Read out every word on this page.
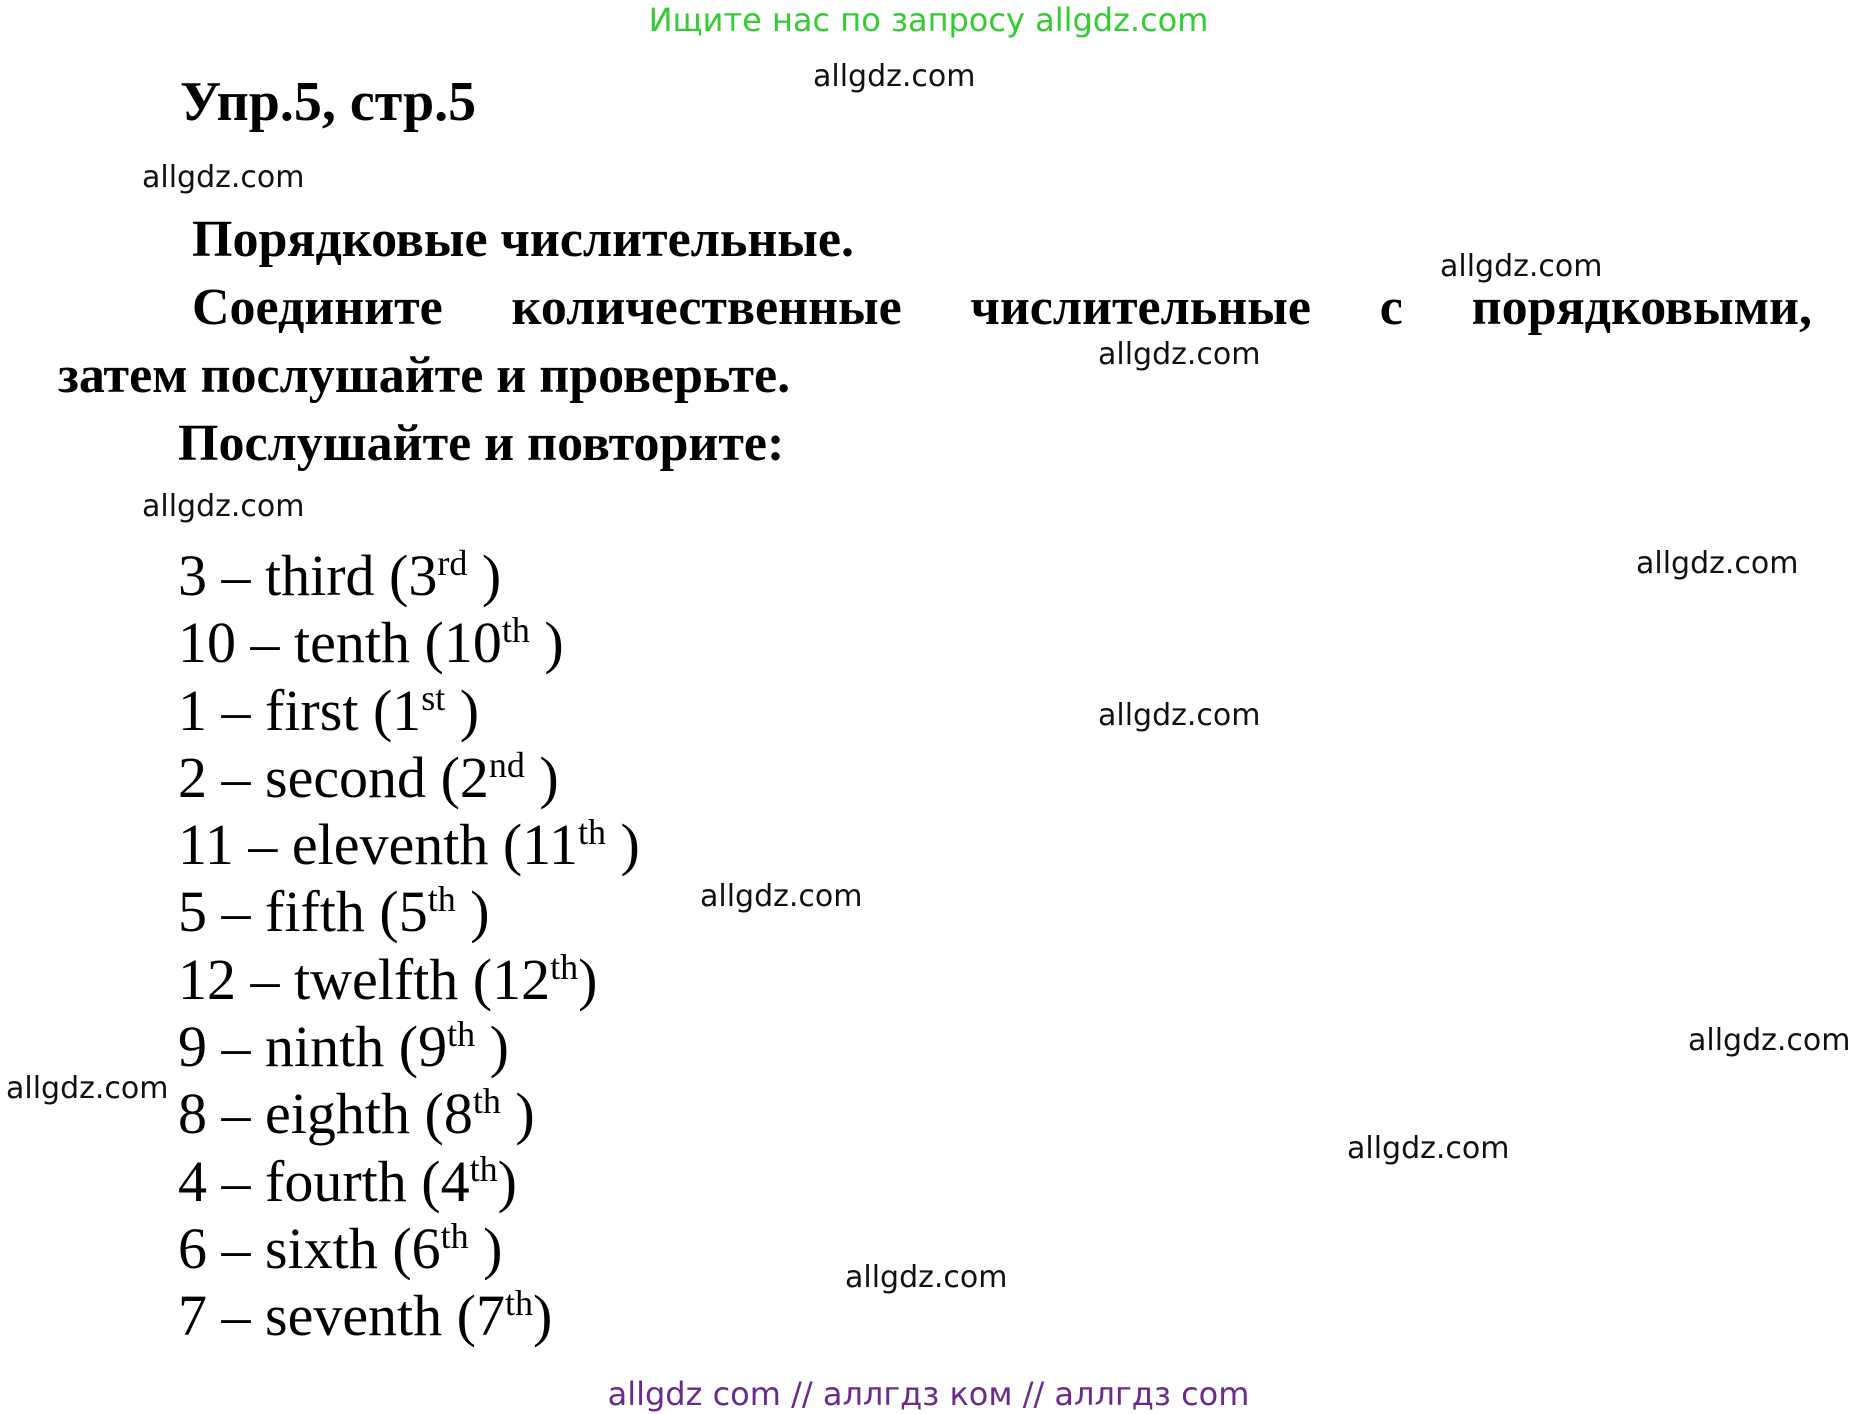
Ищите нас по запросу allgdz.com
allgdz.com
allgdz.com
allgdz.com
allgdz.com
allgdz.com
allgdz.com
allgdz.com
allgdz.com
allgdz.com
allgdz.com
allgdz.com
allgdz.com
Упр.5, стр.5
Порядковые числительные.
Соедините количественные числительные с порядковыми,
затем послушайте и проверьте.
Послушайте и повторите:
3 – third (3rd )
10 – tenth (10th )
1 – first (1st )
2 – second (2nd )
11 – eleventh (11th )
5 – fifth (5th )
12 – twelfth (12th)
9 – ninth (9th )
8 – eighth (8th )
4 – fourth (4th)
6 – sixth (6th )
7 – seventh (7th)
allgdz com // аллгдз ком // аллгдз com
